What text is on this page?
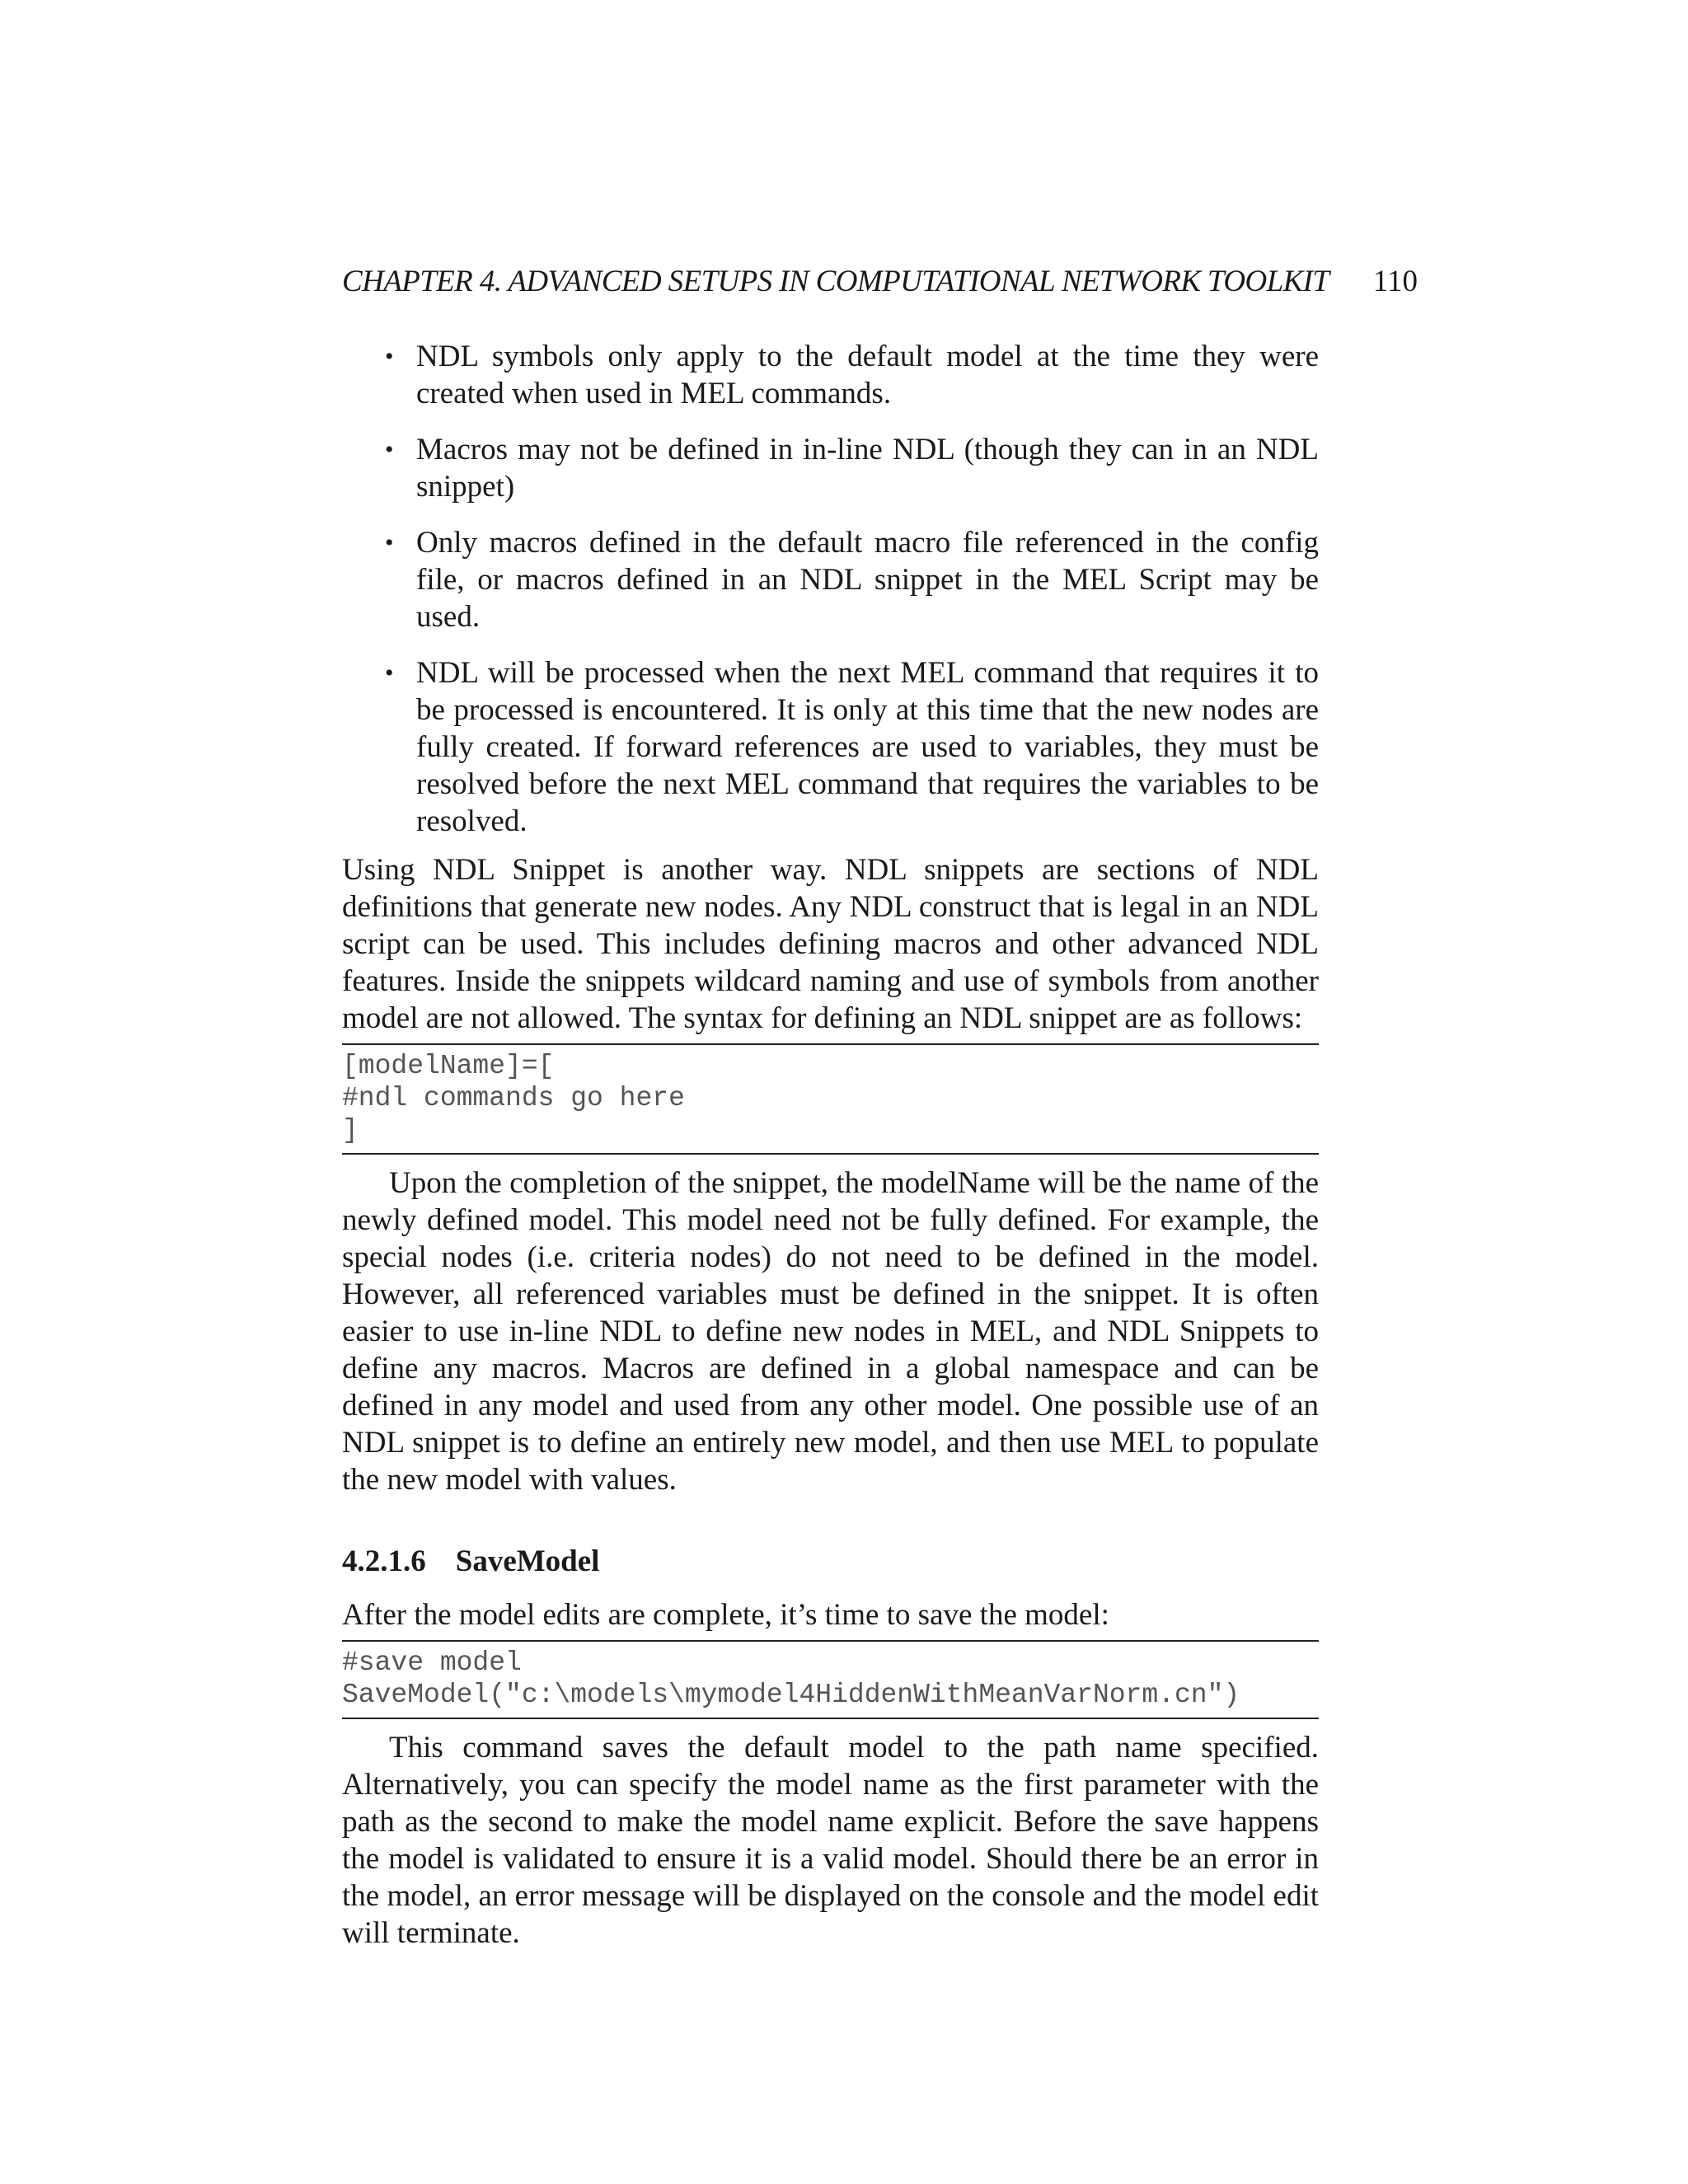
CHAPTER 4. ADVANCED SETUPS IN COMPUTATIONAL NETWORK TOOLKIT 110
• NDL symbols only apply to the default model at the time they were created when used in MEL commands.
• Macros may not be defined in in-line NDL (though they can in an NDL snippet)
• Only macros defined in the default macro file referenced in the config file, or macros defined in an NDL snippet in the MEL Script may be used.
• NDL will be processed when the next MEL command that requires it to be processed is encountered. It is only at this time that the new nodes are fully created. If forward references are used to variables, they must be resolved before the next MEL command that requires the variables to be resolved.

Using NDL Snippet is another way. NDL snippets are sections of NDL definitions that generate new nodes. Any NDL construct that is legal in an NDL script can be used. This includes defining macros and other advanced NDL features. Inside the snippets wildcard naming and use of symbols from another model are not allowed. The syntax for defining an NDL snippet are as follows:

[modelName]=[
#ndl commands go here
]

Upon the completion of the snippet, the modelName will be the name of the newly defined model. This model need not be fully defined. For example, the special nodes (i.e. criteria nodes) do not need to be defined in the model. However, all referenced variables must be defined in the snippet. It is often easier to use in-line NDL to define new nodes in MEL, and NDL Snippets to define any macros. Macros are defined in a global namespace and can be defined in any model and used from any other model. One possible use of an NDL snippet is to define an entirely new model, and then use MEL to populate the new model with values.

4.2.1.6 SaveModel

After the model edits are complete, it’s time to save the model:

#save model
SaveModel("c:\models\mymodel4HiddenWithMeanVarNorm.cn")

This command saves the default model to the path name specified. Alternatively, you can specify the model name as the first parameter with the path as the second to make the model name explicit. Before the save happens the model is validated to ensure it is a valid model. Should there be an error in the model, an error message will be displayed on the console and the model edit will terminate.
